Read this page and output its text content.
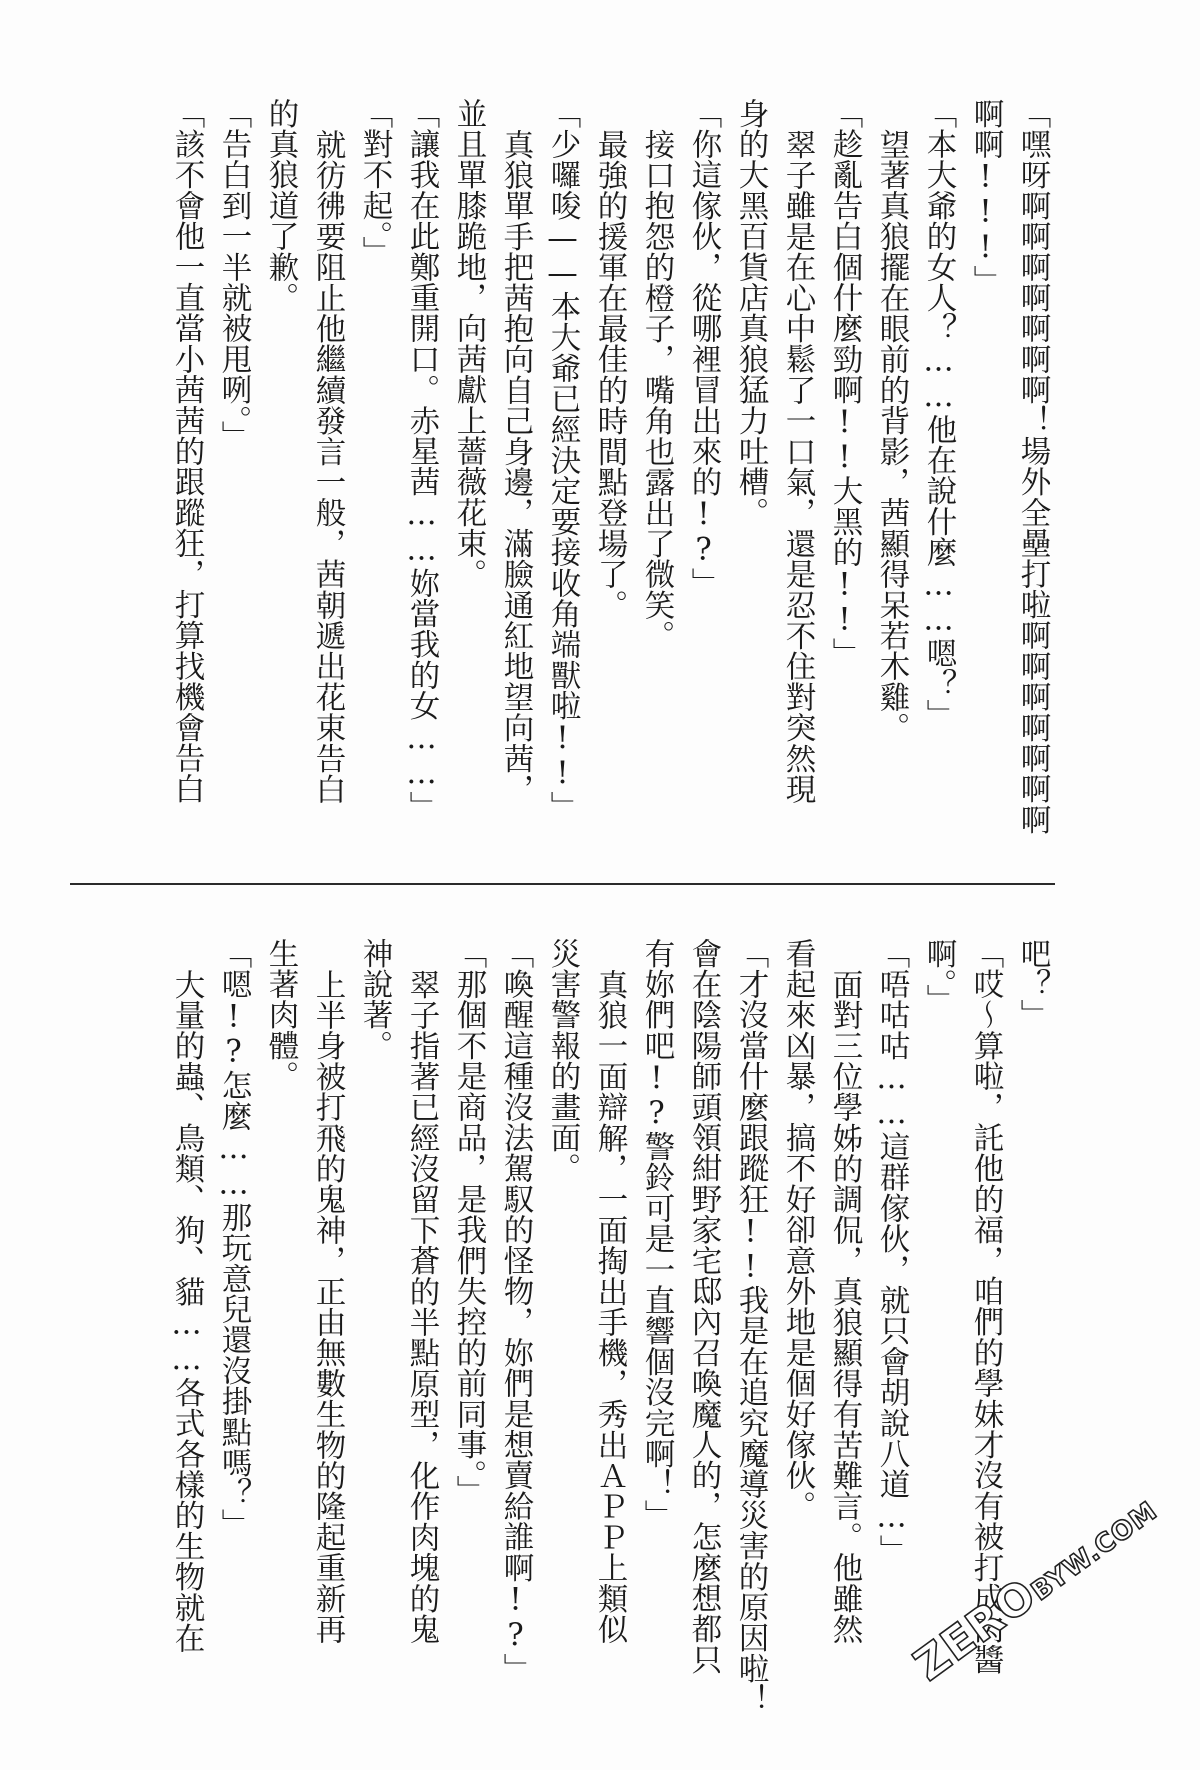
「嘿呀啊啊啊啊啊啊啊！場外全壘打啦啊啊啊啊啊啊啊
啊啊!!!」
「本大爺的女人？……他在說什麼……嗯？」
望著真狼擺在眼前的背影，茜顯得呆若木雞。
「趁亂告白個什麼勁啊!!大黑的!!」
翠子雖是在心中鬆了一口氣，還是忍不住對突然現
身的大黑百貨店真狼猛力吐槽。
「你這傢伙，從哪裡冒出來的!?」
接口抱怨的橙子，嘴角也露出了微笑。
最強的援軍在最佳的時間點登場了。
「少囉唆——本大爺已經決定要接收角端獸啦!!」
真狼單手把茜抱向自己身邊，滿臉通紅地望向茜，
並且單膝跪地，向茜獻上薔薇花束。
「讓我在此鄭重開口。赤星茜……妳當我的女……」
「對不起。」
就彷彿要阻止他繼續發言一般，茜朝遞出花束告白
的真狼道了歉。
「告白到一半就被甩咧。」
「該不會他一直當小茜茜的跟蹤狂，打算找機會告白
吧？」
「哎～算啦，託他的福，咱們的學妹才沒有被打成肉醬
啊。」
「唔咕咕……這群傢伙，就只會胡說八道…」
面對三位學姊的調侃，真狼顯得有苦難言。他雖然
看起來凶暴，搞不好卻意外地是個好傢伙。
「才沒當什麼跟蹤狂!!我是在追究魔導災害的原因啦！
會在陰陽師頭領紺野家宅邸內召喚魔人的，怎麼想都只
有妳們吧!?警鈴可是一直響個沒完啊！」
真狼一面辯解，一面掏出手機，秀出ＡＰＰ上類似
災害警報的畫面。
「喚醒這種沒法駕馭的怪物，妳們是想賣給誰啊!?」
「那個不是商品，是我們失控的前同事。」
翠子指著已經沒留下蒼的半點原型，化作肉塊的鬼
神說著。
上半身被打飛的鬼神，正由無數生物的隆起重新再
生著肉體。
「嗯!?怎麼……那玩意兒還沒掛點嗎？」
大量的蟲、鳥類、狗、貓……各式各樣的生物就在	ZEROBYW.COM
